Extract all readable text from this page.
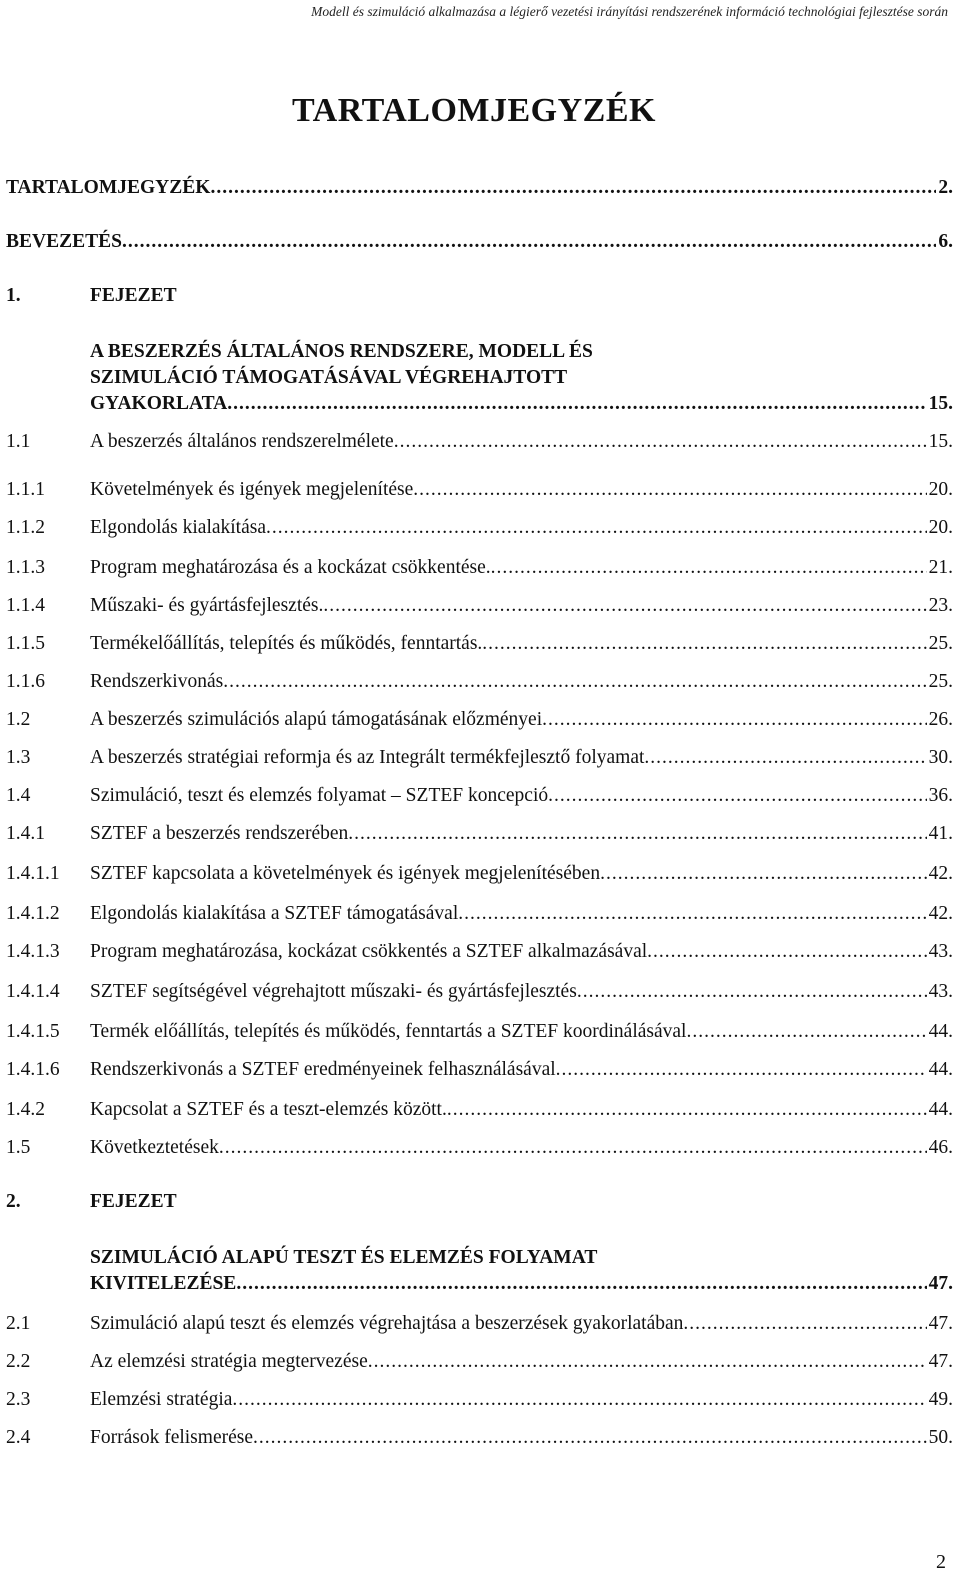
Modell és szimuláció alkalmazása a légierő vezetési irányítási rendszerének információ technológiai fejlesztése során
TARTALOMJEGYZÉK
TARTALOMJEGYZÉK .....	2.
BEVEZETÉS .....	6.
1.	FEJEZET
A BESZERZÉS ÁLTALÁNOS RENDSZERE, MODELL ÉS
SZIMULÁCIÓ TÁMOGATÁSÁVAL VÉGREHAJTOTT
GYAKORLATA .....	15.
1.1	A beszerzés általános rendszerelmélete .....	15.
1.1.1 Követelmények és igények megjelenítése .....	20.
1.1.2 Elgondolás kialakítása .....	20.
1.1.3 Program meghatározása és a kockázat csökkentése. .....	21.
1.1.4 Műszaki- és gyártásfejlesztés. .....	23.
1.1.5 Termékelőállítás, telepítés és működés, fenntartás. .....	25.
1.1.6 Rendszerkivonás .....	25.
1.2	A beszerzés szimulációs alapú támogatásának előzményei .....	26.
1.3	A beszerzés stratégiai reformja és az Integrált termékfejlesztő folyamat .....	30.
1.4	Szimuláció, teszt és elemzés folyamat – SZTEF koncepció .....	36.
1.4.1 SZTEF a beszerzés rendszerében .....	41.
1.4.1.1 SZTEF kapcsolata a követelmények és igények megjelenítésében .....	42.
1.4.1.2 Elgondolás kialakítása a SZTEF támogatásával .....	42.
1.4.1.3 Program meghatározása, kockázat csökkentés a SZTEF alkalmazásával .....	43.
1.4.1.4 SZTEF segítségével végrehajtott műszaki- és gyártásfejlesztés .....	43.
1.4.1.5 Termék előállítás, telepítés és működés, fenntartás a SZTEF koordinálásával .....	44.
1.4.1.6 Rendszerkivonás a SZTEF eredményeinek felhasználásával .....	44.
1.4.2 Kapcsolat a SZTEF és a teszt-elemzés között. .....	44.
1.5	Következtetések .....	46.
2.	FEJEZET
SZIMULÁCIÓ ALAPÚ TESZT ÉS ELEMZÉS FOLYAMAT
KIVITELEZÉSE .....	47.
2.1	Szimuláció alapú teszt és elemzés végrehajtása a beszerzések gyakorlatában .....	47.
2.2	Az elemzési stratégia megtervezése .....	47.
2.3	Elemzési stratégia .....	49.
2.4	Források felismerése .....	50.
2
